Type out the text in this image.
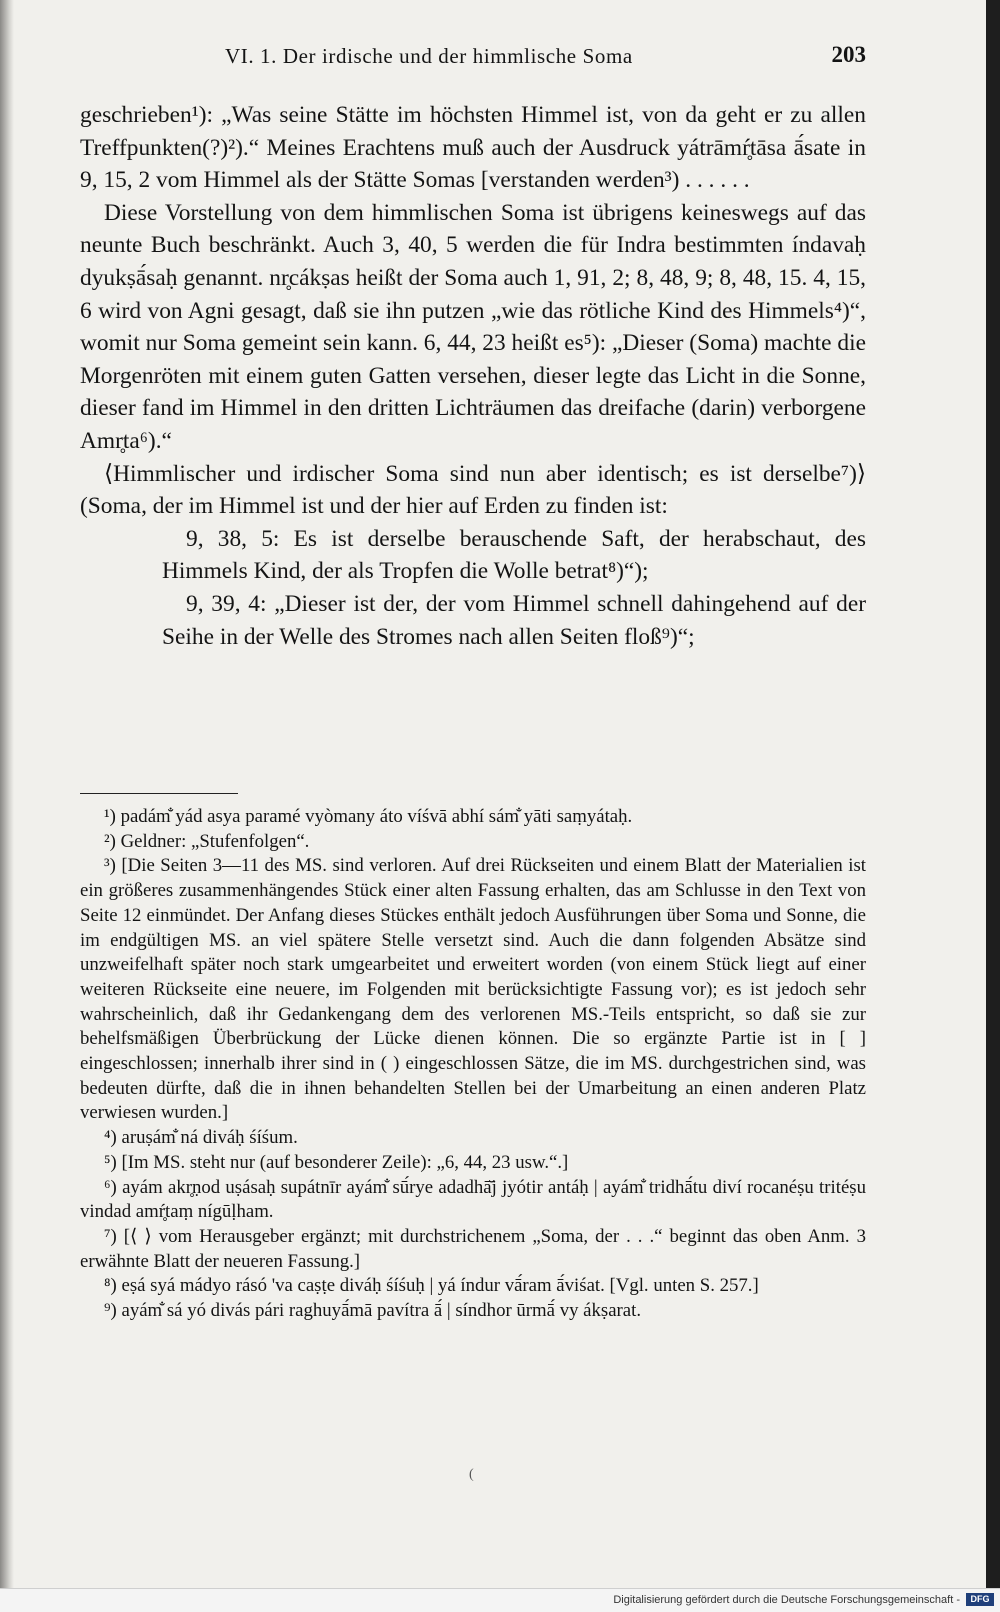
VI. 1. Der irdische und der himmlische Soma	203

geschrieben¹): „Was seine Stätte im höchsten Himmel ist, von da geht er zu allen Treffpunkten(?)²).“ Meines Erachtens muß auch der Ausdruck yátrāmŕ̥tāsa ā́sate in 9, 15, 2 vom Himmel als der Stätte Somas [verstanden werden³) . . . . . .

Diese Vorstellung von dem himmlischen Soma ist übrigens keineswegs auf das neunte Buch beschränkt. Auch 3, 40, 5 werden die für Indra bestimmten índavaḥ dyukṣā́saḥ genannt. nr̥cákṣas heißt der Soma auch 1, 91, 2; 8, 48, 9; 8, 48, 15. 4, 15, 6 wird von Agni gesagt, daß sie ihn putzen „wie das rötliche Kind des Himmels⁴)“, womit nur Soma gemeint sein kann. 6, 44, 23 heißt es⁵): „Dieser (Soma) machte die Morgenröten mit einem guten Gatten versehen, dieser legte das Licht in die Sonne, dieser fand im Himmel in den dritten Lichträumen das dreifache (darin) verborgene Amr̥ta⁶).“

⟨Himmlischer und irdischer Soma sind nun aber identisch; es ist derselbe⁷)⟩ (Soma, der im Himmel ist und der hier auf Erden zu finden ist:

9, 38, 5: Es ist derselbe berauschende Saft, der herabschaut, des Himmels Kind, der als Tropfen die Wolle betrat⁸)“);

9, 39, 4: „Dieser ist der, der vom Himmel schnell dahingehend auf der Seihe in der Welle des Stromes nach allen Seiten floß⁹)“;

¹) padám̐ yád asya paramé vyòmany áto víśvā abhí sám̐ yāti saṃyátaḥ.

²) Geldner: „Stufenfolgen“.

³) [Die Seiten 3—11 des MS. sind verloren. Auf drei Rückseiten und einem Blatt der Materialien ist ein größeres zusammenhängendes Stück einer alten Fassung erhalten, das am Schlusse in den Text von Seite 12 einmündet. Der Anfang dieses Stückes enthält jedoch Ausführungen über Soma und Sonne, die im endgültigen MS. an viel spätere Stelle versetzt sind. Auch die dann folgenden Absätze sind unzweifelhaft später noch stark umgearbeitet und erweitert worden (von einem Stück liegt auf einer weiteren Rückseite eine neuere, im Folgenden mit berücksichtigte Fassung vor); es ist jedoch sehr wahrscheinlich, daß ihr Gedankengang dem des verlorenen MS.-Teils entspricht, so daß sie zur behelfsmäßigen Überbrückung der Lücke dienen können. Die so ergänzte Partie ist in [ ] eingeschlossen; innerhalb ihrer sind in ( ) eingeschlossen Sätze, die im MS. durchgestrichen sind, was bedeuten dürfte, daß die in ihnen behandelten Stellen bei der Umarbeitung an einen anderen Platz verwiesen wurden.]

⁴) aruṣám̐ ná diváḥ śíśum.

⁵) [Im MS. steht nur (auf besonderer Zeile): „6, 44, 23 usw.“.]

⁶) ayám akr̥ṇod uṣásaḥ supátnīr ayám̐ sū́rye adadhā̆j jyótir antáḥ | ayám̐ tridhā́tu diví rocanéṣu tritéṣu vindad amŕ̥taṃ nígūḷham.

⁷) [⟨ ⟩ vom Herausgeber ergänzt; mit durchstrichenem „Soma, der . . .“ beginnt das oben Anm. 3 erwähnte Blatt der neueren Fassung.]

⁸) eṣá syá mádyo rásó 'va caṣṭe diváḥ śíśuḥ | yá índur vā́ram ā́viśat. [Vgl. unten S. 257.]

⁹) ayám̐ sá yó divás pári raghuyā́mā pavítra ā́ | síndhor ūrmā́ vy ákṣarat.

(
Digitalisierung gefördert durch die Deutsche Forschungsgemeinschaft -	DFG
